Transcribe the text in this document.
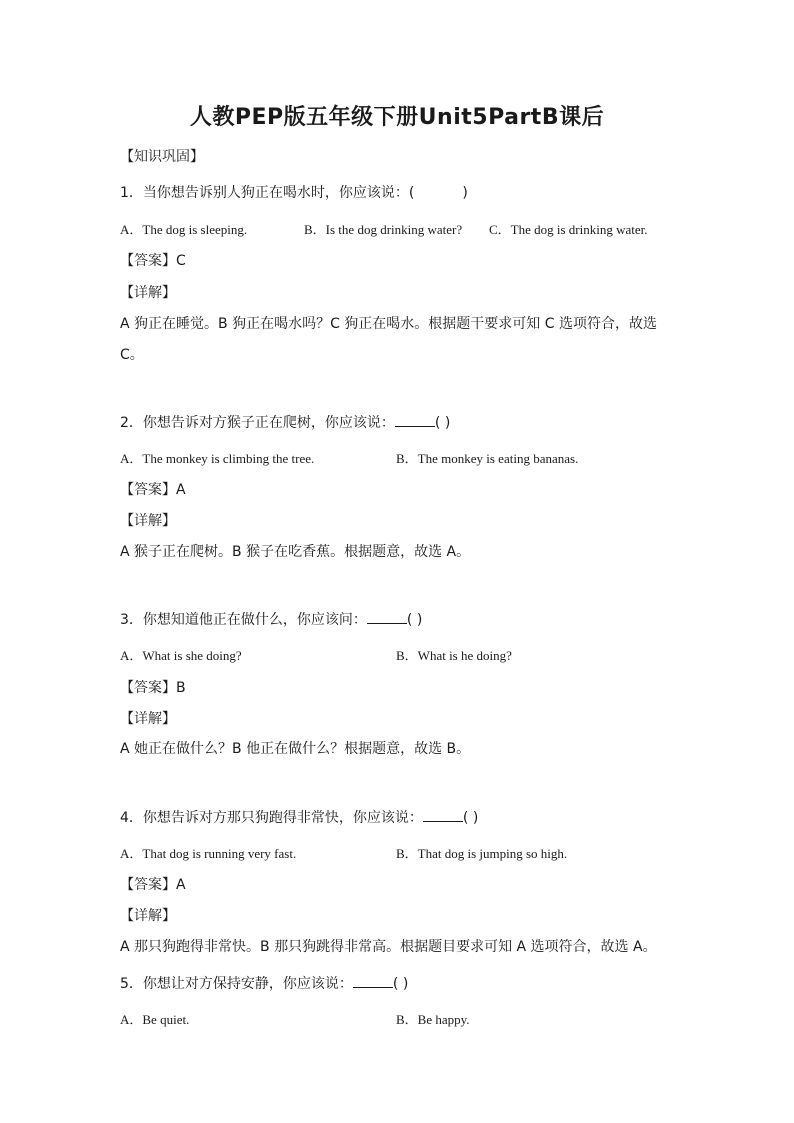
人教PEP版五年级下册Unit5PartB课后
【知识巩固】
1．当你想告诉别人狗正在喝水时，你应该说：(	)
A．The dog is sleeping.	B．Is the dog drinking water? C．The dog is drinking water.
【答案】C
【详解】
A 狗正在睡觉。B 狗正在喝水吗？C 狗正在喝水。根据题干要求可知 C 选项符合，故选
C。
2．你想告诉对方猴子正在爬树，你应该说：	( )
A．The monkey is climbing the tree.	B．The monkey is eating bananas.
【答案】A
【详解】
A 猴子正在爬树。B 猴子在吃香蕉。根据题意，故选 A。
3．你想知道他正在做什么，你应该问：	( )
A．What is she doing?	B．What is he doing?
【答案】B
【详解】
A 她正在做什么？B 他正在做什么？根据题意，故选 B。
4．你想告诉对方那只狗跑得非常快，你应该说：	( )
A．That dog is running very fast.	B．That dog is jumping so high.
【答案】A
【详解】
A 那只狗跑得非常快。B 那只狗跳得非常高。根据题目要求可知 A 选项符合，故选 A。
5．你想让对方保持安静，你应该说：	( )
A．Be quiet.	B．Be happy.
